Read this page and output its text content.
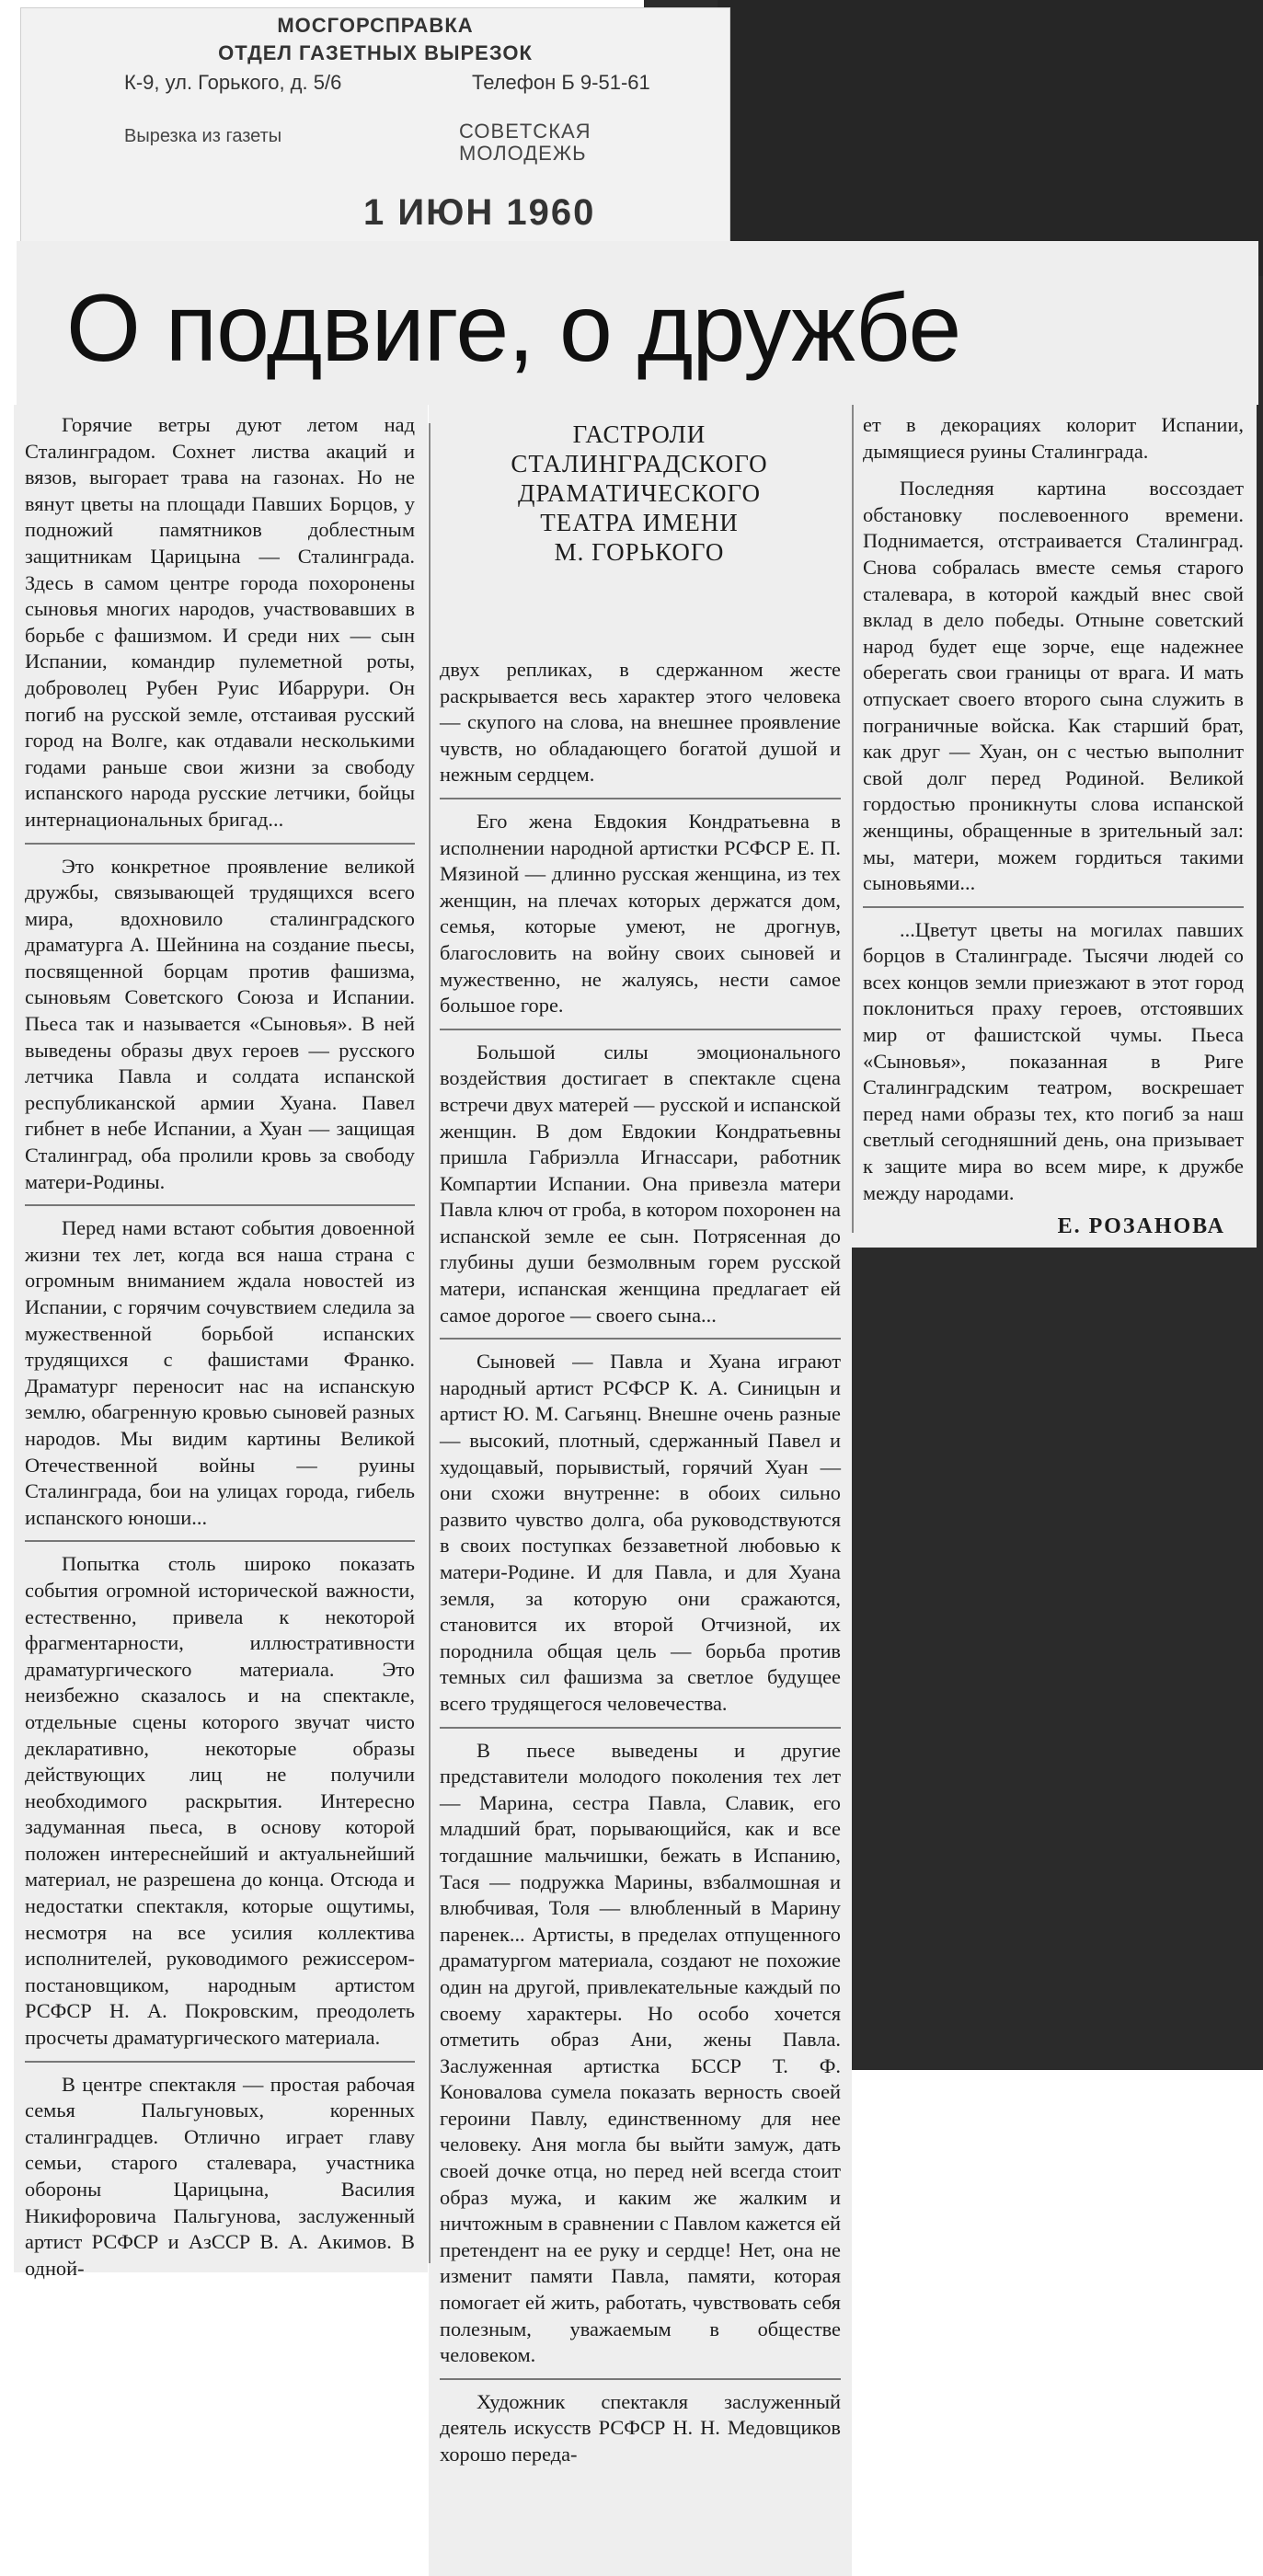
МОСГОРСПРАВКА
ОТДЕЛ ГАЗЕТНЫХ ВЫРЕЗОК
К-9, ул. Горького, д. 5/6	Телефон Б 9-51-61
Вырезка из газеты	СОВЕТСКАЯ
МОЛОДЕЖЬ
1 ИЮН 1960
О подвиге, о дружбе

Горячие ветры дуют летом над Сталинградом. Сохнет листва акаций и вязов, выгорает трава на газонах. Но не вянут цветы на площади Павших Борцов, у подножий памятников доблестным защитникам Царицына — Сталинграда. Здесь в самом центре города похоронены сыновья многих народов, участвовавших в борьбе с фашизмом. И среди них — сын Испании, командир пулеметной роты, доброволец Рубен Руис Ибаррури. Он погиб на русской земле, отстаивая русский город на Волге, как отдавали несколькими годами раньше свои жизни за свободу испанского народа русские летчики, бойцы интернациональных бригад...

Это конкретное проявление великой дружбы, связывающей трудящихся всего мира, вдохновило сталинградского драматурга А. Шейнина на создание пьесы, посвященной борцам против фашизма, сыновьям Советского Союза и Испании. Пьеса так и называется «Сыновья». В ней выведены образы двух героев — русского летчика Павла и солдата испанской республиканской армии Хуана. Павел гибнет в небе Испании, а Хуан — защищая Сталинград, оба пролили кровь за свободу матери-Родины.

Перед нами встают события довоенной жизни тех лет, когда вся наша страна с огромным вниманием ждала новостей из Испании, с горячим сочувствием следила за мужественной борьбой испанских трудящихся с фашистами Франко. Драматург переносит нас на испанскую землю, обагренную кровью сыновей разных народов. Мы видим картины Великой Отечественной войны — руины Сталинграда, бои на улицах города, гибель испанского юноши...

Попытка столь широко показать события огромной исторической важности, естественно, привела к некоторой фрагментарности, иллюстративности драматургического материала. Это неизбежно сказалось и на спектакле, отдельные сцены которого звучат чисто декларативно, некоторые образы действующих лиц не получили необходимого раскрытия. Интересно задуманная пьеса, в основу которой положен интереснейший и актуальнейший материал, не разрешена до конца. Отсюда и недостатки спектакля, которые ощутимы, несмотря на все усилия коллектива исполнителей, руководимого режиссером-постановщиком, народным артистом РСФСР Н. А. Покровским, преодолеть просчеты драматургического материала.

В центре спектакля — простая рабочая семья Пальгуновых, коренных сталинградцев. Отлично играет главу семьи, старого сталевара, участника обороны Царицына, Василия Никифоровича Пальгунова, заслуженный артист РСФСР и АзССР В. А. Акимов. В одной-

ГАСТРОЛИ
СТАЛИНГРАДСКОГО
ДРАМАТИЧЕСКОГО
ТЕАТРА ИМЕНИ
М. ГОРЬКОГО

двух репликах, в сдержанном жесте раскрывается весь характер этого человека — скупого на слова, на внешнее проявление чувств, но обладающего богатой душой и нежным сердцем.

Его жена Евдокия Кондратьевна в исполнении народной артистки РСФСР Е. П. Мязиной — длинно русская женщина, из тех женщин, на плечах которых держатся дом, семья, которые умеют, не дрогнув, благословить на войну своих сыновей и мужественно, не жалуясь, нести самое большое горе.

Большой силы эмоционального воздействия достигает в спектакле сцена встречи двух матерей — русской и испанской женщин. В дом Евдокии Кондратьевны пришла Габриэлла Игнассари, работник Компартии Испании. Она привезла матери Павла ключ от гроба, в котором похоронен на испанской земле ее сын. Потрясенная до глубины души безмолвным горем русской матери, испанская женщина предлагает ей самое дорогое — своего сына...

Сыновей — Павла и Хуана играют народный артист РСФСР К. А. Синицын и артист Ю. М. Сагьянц. Внешне очень разные — высокий, плотный, сдержанный Павел и худощавый, порывистый, горячий Хуан — они схожи внутренне: в обоих сильно развито чувство долга, оба руководствуются в своих поступках беззаветной любовью к матери-Родине. И для Павла, и для Хуана земля, за которую они сражаются, становится их второй Отчизной, их породнила общая цель — борьба против темных сил фашизма за светлое будущее всего трудящегося человечества.

В пьесе выведены и другие представители молодого поколения тех лет — Марина, сестра Павла, Славик, его младший брат, порывающийся, как и все тогдашние мальчишки, бежать в Испанию, Тася — подружка Марины, взбалмошная и влюбчивая, Толя — влюбленный в Марину паренек... Артисты, в пределах отпущенного драматургом материала, создают не похожие один на другой, привлекательные каждый по своему характеры. Но особо хочется отметить образ Ани, жены Павла. Заслуженная артистка БССР Т. Ф. Коновалова сумела показать верность своей героини Павлу, единственному для нее человеку. Аня могла бы выйти замуж, дать своей дочке отца, но перед ней всегда стоит образ мужа, и каким же жалким и ничтожным в сравнении с Павлом кажется ей претендент на ее руку и сердце! Нет, она не изменит памяти Павла, памяти, которая помогает ей жить, работать, чувствовать себя полезным, уважаемым в обществе человеком.

Художник спектакля заслуженный деятель искусств РСФСР Н. Н. Медовщиков хорошо переда-

ет в декорациях колорит Испании, дымящиеся руины Сталинграда.

Последняя картина воссоздает обстановку послевоенного времени. Поднимается, отстраивается Сталинград. Снова собралась вместе семья старого сталевара, в которой каждый внес свой вклад в дело победы. Отныне советский народ будет еще зорче, еще надежнее оберегать свои границы от врага. И мать отпускает своего второго сына служить в пограничные войска. Как старший брат, как друг — Хуан, он с честью выполнит свой долг перед Родиной. Великой гордостью проникнуты слова испанской женщины, обращенные в зрительный зал: мы, матери, можем гордиться такими сыновьями...

...Цветут цветы на могилах павших борцов в Сталинграде. Тысячи людей со всех концов земли приезжают в этот город поклониться праху героев, отстоявших мир от фашистской чумы. Пьеса «Сыновья», показанная в Риге Сталинградским театром, воскрешает перед нами образы тех, кто погиб за наш светлый сегодняшний день, она призывает к защите мира во всем мире, к дружбе между народами.

Е. РОЗАНОВА
